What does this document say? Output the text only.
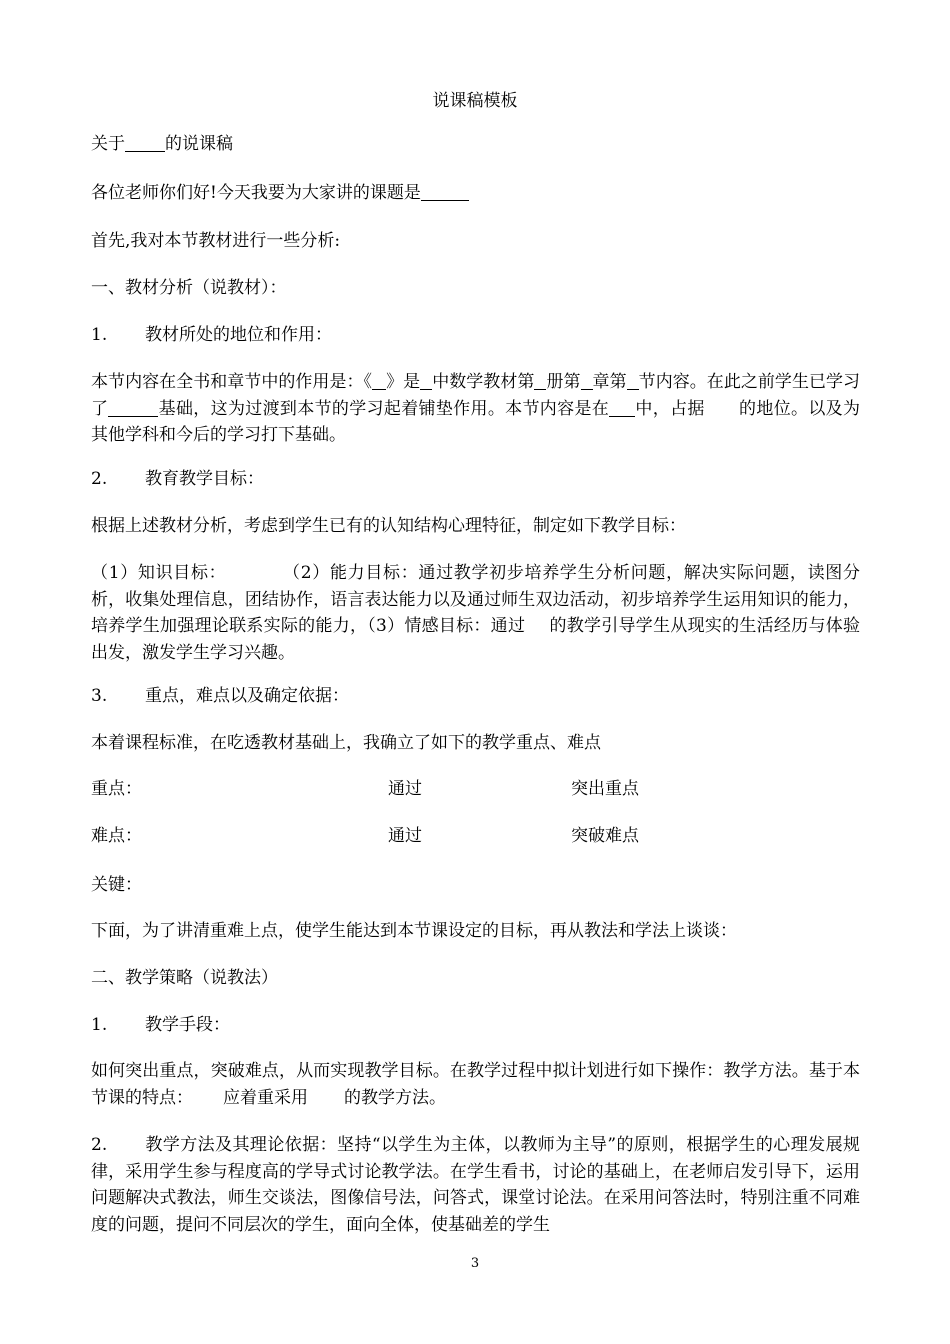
说课稿模板
关于 的说课稿
各位老师你们好!今天我要为大家讲的课题是
首先,我对本节教材进行一些分析:
一、教材分析（说教材）：
1. 教材所处的地位和作用：
本节内容在全书和章节中的作用是：《 》是 中数学教材第 册第 章第 节内容。在此之前学生已学习了	基础，这为过渡到本节的学习起着铺垫作用。本节内容是在 中，占据 的地位。以及为其他学科和今后的学习打下基础。
2. 教育教学目标：
根据上述教材分析，考虑到学生已有的认知结构心理特征，制定如下教学目标：
（1）知识目标：	（2）能力目标：通过教学初步培养学生分析问题，解决实际问题，读图分析，收集处理信息，团结协作，语言表达能力以及通过师生双边活动，初步培养学生运用知识的能力，培养学生加强理论联系实际的能力，（3）情感目标：通过 的教学引导学生从现实的生活经历与体验出发，激发学生学习兴趣。
3. 重点，难点以及确定依据：
本着课程标准，在吃透教材基础上，我确立了如下的教学重点、难点
重点：	通过	突出重点
难点：	通过	突破难点
关键：
下面，为了讲清重难上点，使学生能达到本节课设定的目标，再从教法和学法上谈谈：
二、教学策略（说教法）
1. 教学手段：
如何突出重点，突破难点，从而实现教学目标。在教学过程中拟计划进行如下操作：教学方法。基于本节课的特点： 应着重采用 的教学方法。
2. 教学方法及其理论依据：坚持“以学生为主体，以教师为主导”的原则，根据学生的心理发展规律，采用学生参与程度高的学导式讨论教学法。在学生看书，讨论的基础上，在老师启发引导下，运用问题解决式教法，师生交谈法，图像信号法，问答式，课堂讨论法。在采用问答法时，特别注重不同难度的问题，提问不同层次的学生，面向全体，使基础差的学生
3
